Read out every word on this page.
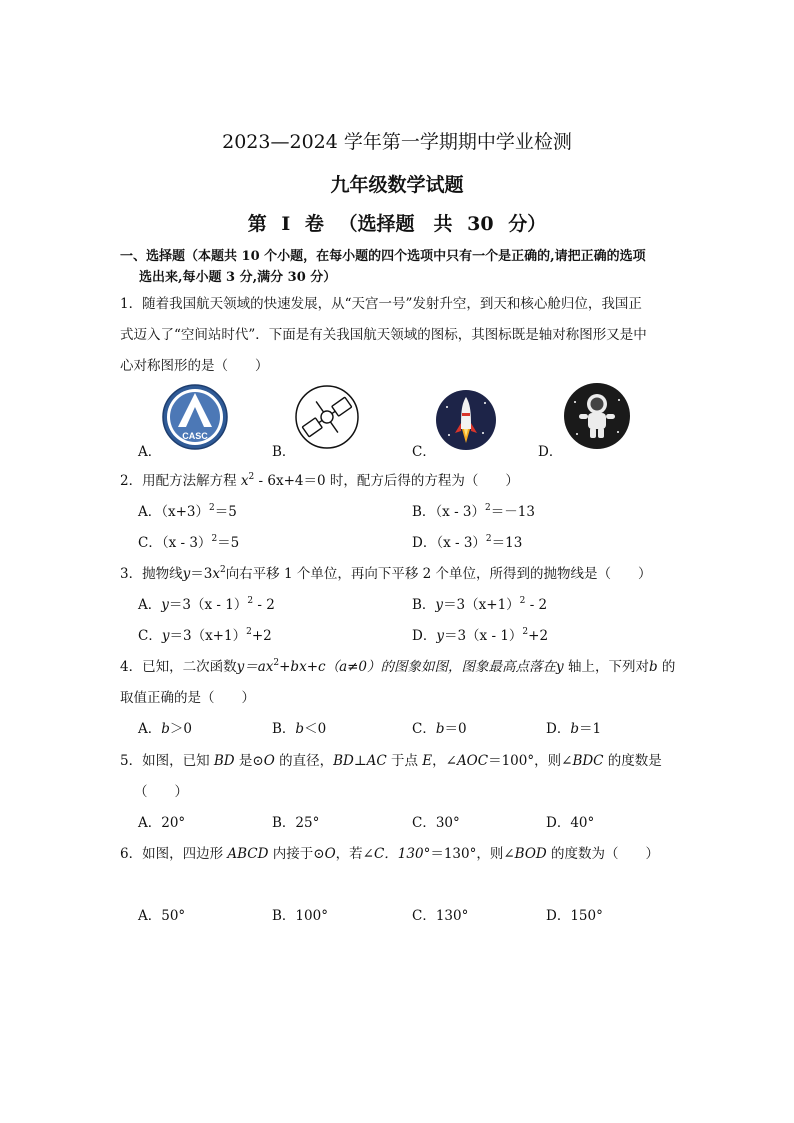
2023—2024 学年第一学期期中学业检测
九年级数学试题
第 I 卷 （选择题　共 30 分）
一、选择题（本题共 10 个小题，在每小题的四个选项中只有一个是正确的,请把正确的选项
选出来,每小题 3 分,满分 30 分）
1．随着我国航天领域的快速发展，从“天宫一号”发射升空，到天和核心舱归位，我国正
式迈入了“空间站时代”．下面是有关我国航天领域的图标，其图标既是轴对称图形又是中
心对称图形的是（　　）
CASC
A．	B．	C．	D．
2．用配方法解方程 $x^2 - 6x+4=0$ 时，配方后得的方程为（　　）
A．$(x+3)^2=5$	B．（x - 3）$^2$＝－13
C．（x - 3）$^2$＝5	D．（x - 3）$^2$＝13
3．抛物线$y=3x^2$向右平移 1 个单位，再向下平移 2 个单位，所得到的抛物线是（　　）
A．y＝3（x - 1）$^2$ - 2	B．$y=3(x+1)^2 - 2$
C．$y=3(x+1)^2+2$	D．y＝3（x - 1）$^2$+2
4．已知，二次函数$y=ax^2+bx+c(a\ne 0)$的图象如图，图象最高点落在y 轴上，下列对b 的
取值正确的是（　　）
A．b＞0	B．b＜0	C．b＝0	D．b＝1
5．如图，已知 BD 是⊙O 的直径，BD⊥AC 于点 E，∠AOC＝100°，则∠BDC 的度数是
（　　）
A．20°	B．25°	C．30°	D．40°
6．如图，四边形 ABCD 内接于⊙O，若∠C．130°＝130°，则∠BOD 的度数为（　　）
A．50°	B．100°	C．130°	D．150°
